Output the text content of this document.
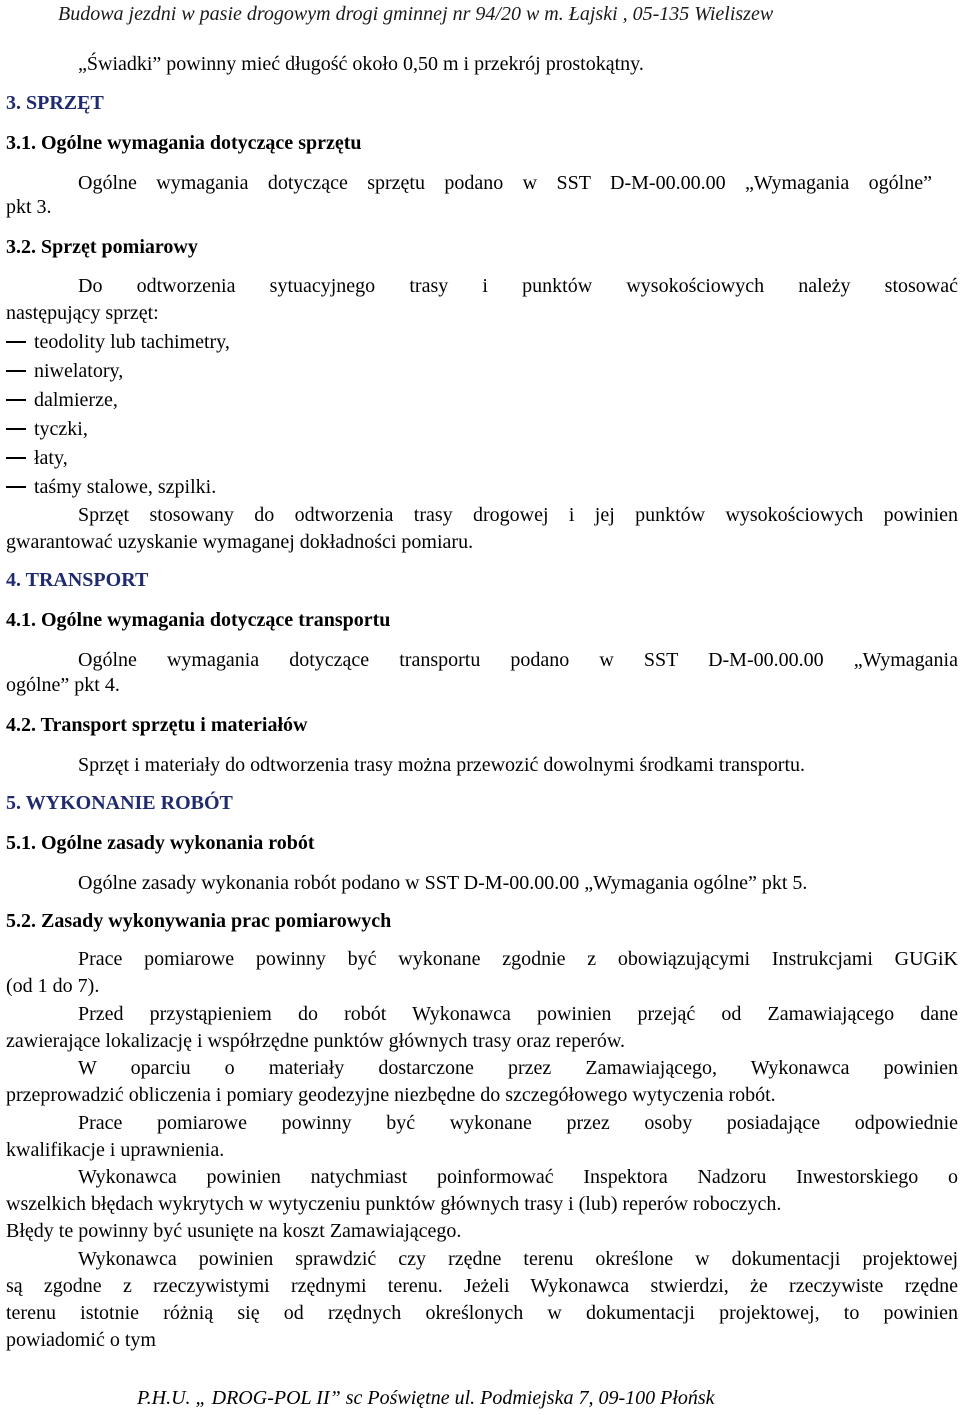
Budowa jezdni w pasie drogowym drogi gminnej nr 94/20 w m. Łajski , 05-135 Wieliszew
„Świadki” powinny mieć długość około 0,50 m i przekrój prostokątny.
3. SPRZĘT
3.1. Ogólne wymagania dotyczące sprzętu
Ogólne wymagania dotyczące sprzętu podano w SST D-M-00.00.00 „Wymagania ogólne”
pkt 3.
3.2. Sprzęt pomiarowy
Do odtworzenia sytuacyjnego trasy i punktów wysokościowych należy stosować
następujący sprzęt:
teodolity lub tachimetry,
niwelatory,
dalmierze,
tyczki,
łaty,
taśmy stalowe, szpilki.
Sprzęt stosowany do odtworzenia trasy drogowej i jej punktów wysokościowych powinien
gwarantować uzyskanie wymaganej dokładności pomiaru.
4. TRANSPORT
4.1. Ogólne wymagania dotyczące transportu
Ogólne wymagania dotyczące transportu podano w SST D-M-00.00.00 „Wymagania
ogólne” pkt 4.
4.2. Transport sprzętu i materiałów
Sprzęt i materiały do odtworzenia trasy można przewozić dowolnymi środkami transportu.
5. WYKONANIE ROBÓT
5.1. Ogólne zasady wykonania robót
Ogólne zasady wykonania robót podano w SST D-M-00.00.00 „Wymagania ogólne” pkt 5.
5.2. Zasady wykonywania prac pomiarowych
Prace pomiarowe powinny być wykonane zgodnie z obowiązującymi Instrukcjami GUGiK
(od 1 do 7).
Przed przystąpieniem do robót Wykonawca powinien przejąć od Zamawiającego dane
zawierające lokalizację i współrzędne punktów głównych trasy oraz reperów.
W oparciu o materiały dostarczone przez Zamawiającego, Wykonawca powinien
przeprowadzić obliczenia i pomiary geodezyjne niezbędne do szczegółowego wytyczenia robót.
Prace pomiarowe powinny być wykonane przez osoby posiadające odpowiednie
kwalifikacje i uprawnienia.
Wykonawca powinien natychmiast poinformować Inspektora Nadzoru Inwestorskiego o
wszelkich błędach wykrytych w wytyczeniu punktów głównych trasy i (lub) reperów roboczych.
Błędy te powinny być usunięte na koszt Zamawiającego.
Wykonawca powinien sprawdzić czy rzędne terenu określone w dokumentacji projektowej
są zgodne z rzeczywistymi rzędnymi terenu. Jeżeli Wykonawca stwierdzi, że rzeczywiste rzędne
terenu istotnie różnią się od rzędnych określonych w dokumentacji projektowej, to powinien
powiadomić o tym
P.H.U. „ DROG-POL II” sc Poświętne ul. Podmiejska 7, 09-100 Płońsk
